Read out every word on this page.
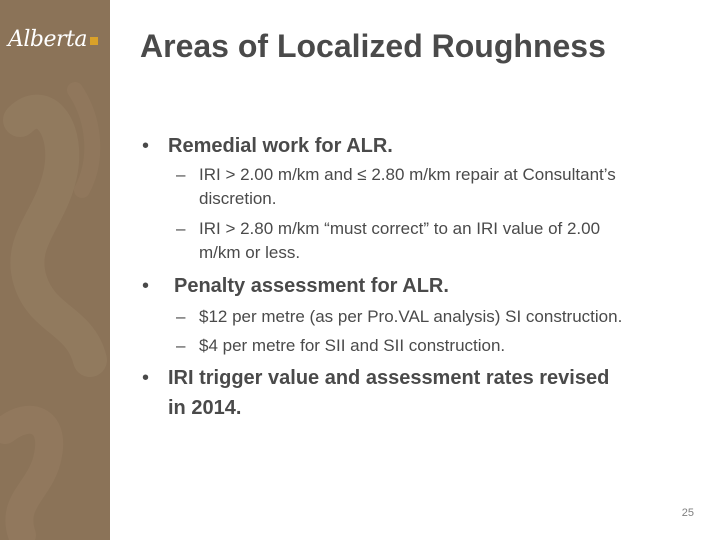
Alberta Areas of Localized Roughness
• Remedial work for ALR.
– IRI > 2.00 m/km and ≤ 2.80 m/km repair at Consultant’s
discretion.
– IRI > 2.80 m/km “must correct” to an IRI value of 2.00
m/km or less.
• Penalty assessment for ALR.
– $12 per metre (as per Pro.VAL analysis) SI construction.
– $4 per metre for SII and SII construction.
• IRI trigger value and assessment rates revised
in 2014.
25
